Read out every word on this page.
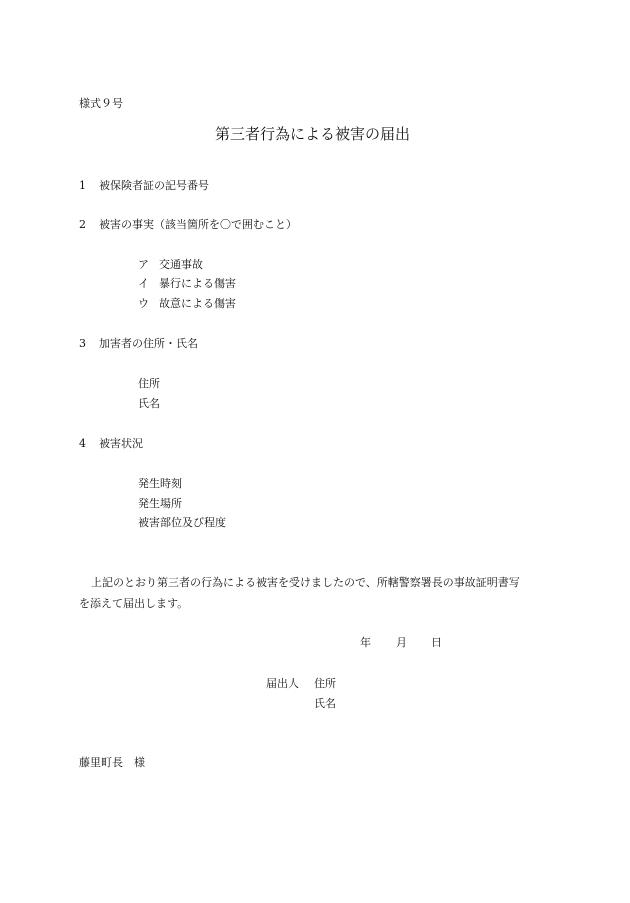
様式９号
第三者行為による被害の届出
1 被保険者証の記号番号
2 被害の事実（該当箇所を〇で囲むこと）
ア 交通事故
イ 暴行による傷害
ウ 故意による傷害
3 加害者の住所・氏名
住所
氏名
4 被害状況
発生時刻
発生場所
被害部位及び程度
上記のとおり第三者の行為による被害を受けましたので、所轄警察署長の事故証明書写
を添えて届出します。
年 月 日
届出人 住所
氏名
藤里町長　様
